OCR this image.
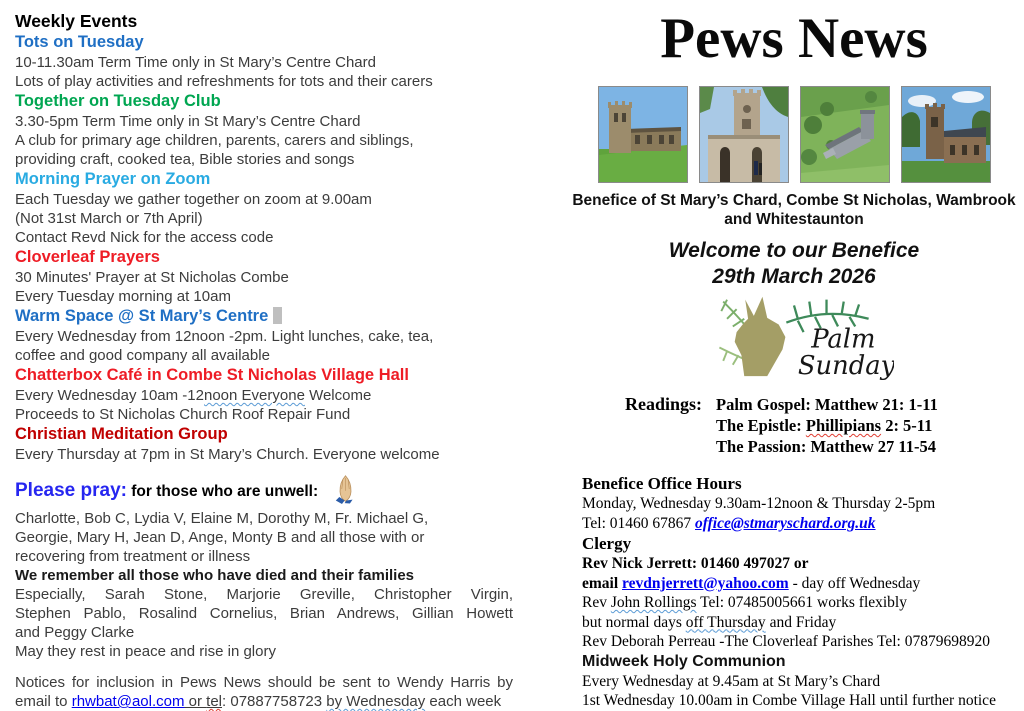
Weekly Events
Tots on Tuesday
10-11.30am Term Time only in St Mary’s Centre Chard
Lots of play activities and refreshments for tots and their carers
Together on Tuesday Club
3.30-5pm Term Time only in St Mary’s Centre Chard
A club for primary age children, parents, carers and siblings,
providing craft, cooked tea, Bible stories and songs
Morning Prayer on Zoom
Each Tuesday we gather together on zoom at 9.00am
(Not 31st March or 7th April)
Contact Revd Nick for the access code
Cloverleaf Prayers
30 Minutes' Prayer at St Nicholas Combe
Every Tuesday morning at 10am
Warm Space @ St Mary’s Centre
Every Wednesday from 12noon -2pm. Light lunches, cake, tea,
coffee and good company all available
Chatterbox Café in Combe St Nicholas Village Hall
Every Wednesday 10am -12noon Everyone Welcome
Proceeds to St Nicholas Church Roof Repair Fund
Christian Meditation Group
Every Thursday at 7pm in St Mary’s Church. Everyone welcome
Please pray: for those who are unwell:
Charlotte, Bob C, Lydia V, Elaine M, Dorothy M, Fr. Michael G,
Georgie, Mary H, Jean D, Ange, Monty B and all those with or
recovering from treatment or illness
We remember all those who have died and their families
Especially, Sarah Stone, Marjorie Greville, Christopher Virgin,
Stephen Pablo, Rosalind Cornelius, Brian Andrews, Gillian Howett
and Peggy Clarke
May they rest in peace and rise in glory
Notices for inclusion in Pews News should be sent to Wendy Harris by
email to rhwbat@aol.com or tel: 07887758723 by Wednesday each week
Pews News
Benefice of St Mary’s Chard, Combe St Nicholas, Wambrook
and Whitestaunton
Welcome to our Benefice
29th March 2026
Palm
Sunday
Readings: Palm Gospel: Matthew 21: 1-11
The Epistle: Phillipians 2: 5-11
The Passion: Matthew 27 11-54
Benefice Office Hours
Monday, Wednesday 9.30am-12noon & Thursday 2-5pm
Tel: 01460 67867 office@stmaryschard.org.uk
Clergy
Rev Nick Jerrett: 01460 497027 or
email revdnjerrett@yahoo.com - day off Wednesday
Rev John Rollings Tel: 07485005661 works flexibly
but normal days off Thursday and Friday
Rev Deborah Perreau -The Cloverleaf Parishes Tel: 07879698920
Midweek Holy Communion
Every Wednesday at 9.45am at St Mary’s Chard
1st Wednesday 10.00am in Combe Village Hall until further notice
